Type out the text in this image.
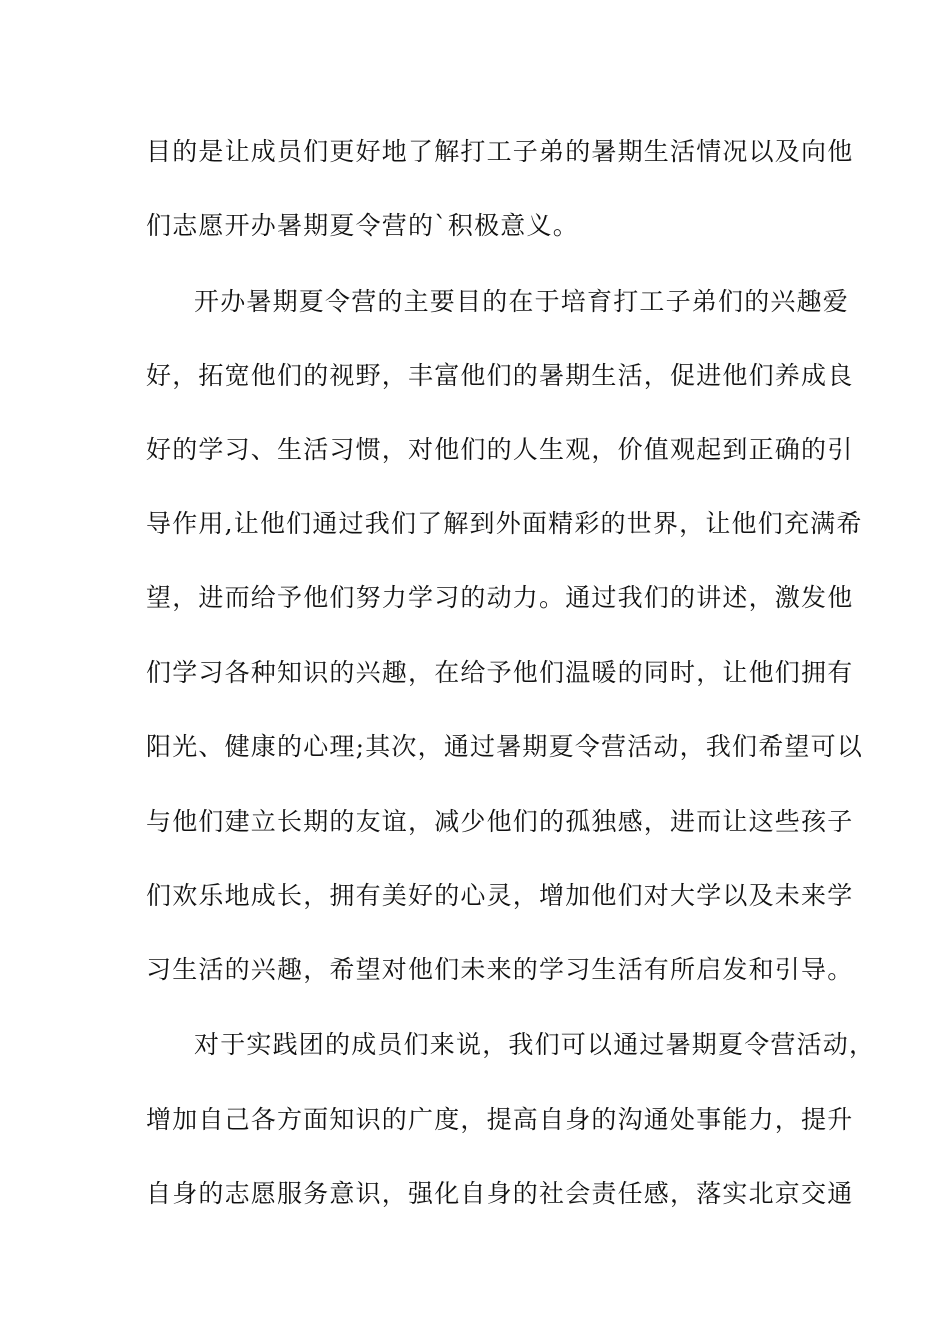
目的是让成员们更好地了解打工子弟的暑期生活情况以及向他
们志愿开办暑期夏令营的`积极意义。
开办暑期夏令营的主要目的在于培育打工子弟们的兴趣爱
好，拓宽他们的视野，丰富他们的暑期生活，促进他们养成良
好的学习、生活习惯，对他们的人生观，价值观起到正确的引
导作用,让他们通过我们了解到外面精彩的世界，让他们充满希
望，进而给予他们努力学习的动力。通过我们的讲述，激发他
们学习各种知识的兴趣，在给予他们温暖的同时，让他们拥有
阳光、健康的心理;其次，通过暑期夏令营活动，我们希望可以
与他们建立长期的友谊，减少他们的孤独感，进而让这些孩子
们欢乐地成长，拥有美好的心灵，增加他们对大学以及未来学
习生活的兴趣，希望对他们未来的学习生活有所启发和引导。
对于实践团的成员们来说，我们可以通过暑期夏令营活动，
增加自己各方面知识的广度，提高自身的沟通处事能力，提升
自身的志愿服务意识，强化自身的社会责任感，落实北京交通
